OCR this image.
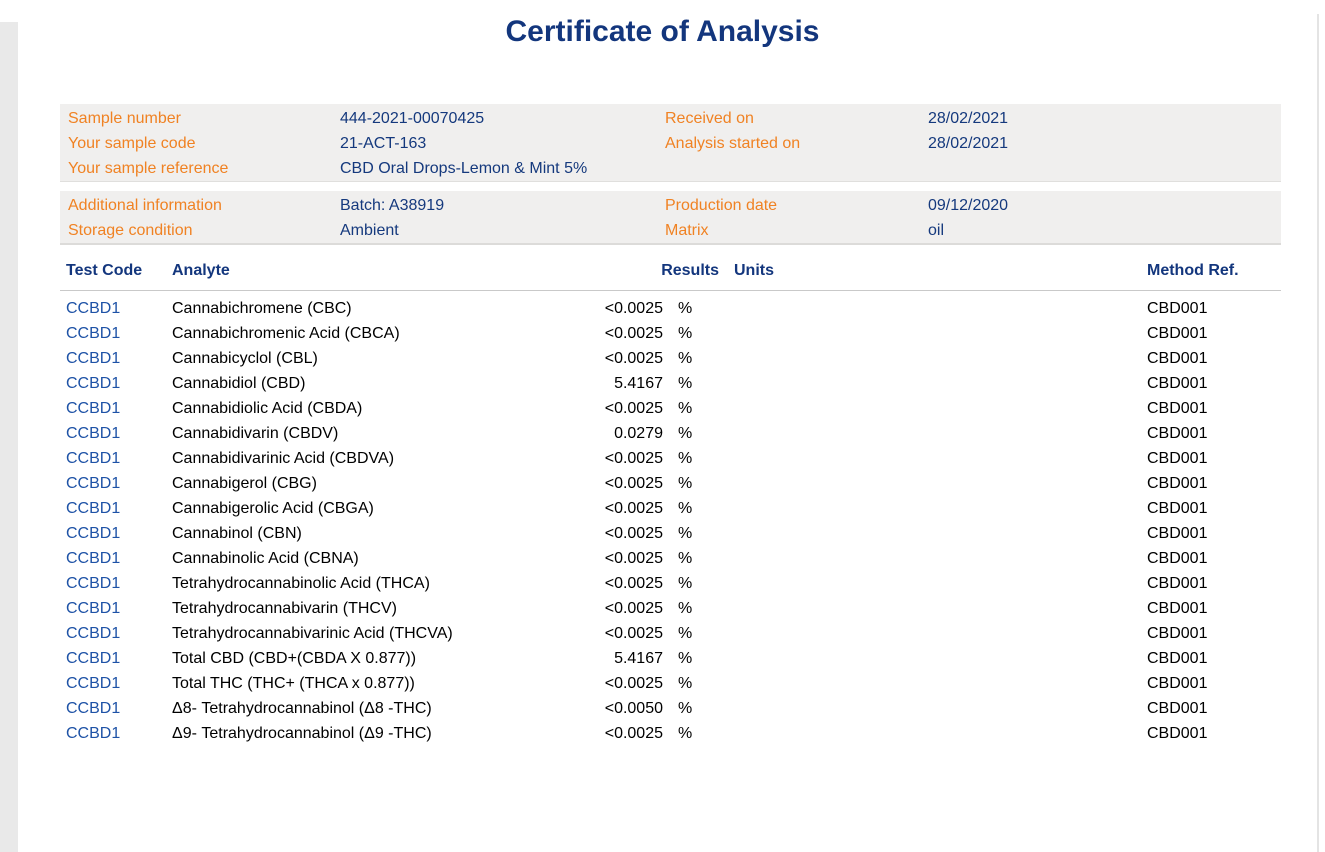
Certificate of Analysis
Sample number	444-2021-00070425	Received on	28/02/2021
Your sample code	21-ACT-163	Analysis started on	28/02/2021
Your sample reference	CBD Oral Drops-Lemon & Mint 5%
Additional information	Batch: A38919	Production date	09/12/2020
Storage condition	Ambient	Matrix	oil
Test Code	Analyte	Results Units	Method Ref.
CCBD1	Cannabichromene (CBC)	<0.0025 %	CBD001
CCBD1	Cannabichromenic Acid (CBCA)	<0.0025 %	CBD001
CCBD1	Cannabicyclol (CBL)	<0.0025 %	CBD001
CCBD1	Cannabidiol (CBD)	5.4167 %	CBD001
CCBD1	Cannabidiolic Acid (CBDA)	<0.0025 %	CBD001
CCBD1	Cannabidivarin (CBDV)	0.0279 %	CBD001
CCBD1	Cannabidivarinic Acid (CBDVA)	<0.0025 %	CBD001
CCBD1	Cannabigerol (CBG)	<0.0025 %	CBD001
CCBD1	Cannabigerolic Acid (CBGA)	<0.0025 %	CBD001
CCBD1	Cannabinol (CBN)	<0.0025 %	CBD001
CCBD1	Cannabinolic Acid (CBNA)	<0.0025 %	CBD001
CCBD1	Tetrahydrocannabinolic Acid (THCA)	<0.0025 %	CBD001
CCBD1	Tetrahydrocannabivarin (THCV)	<0.0025 %	CBD001
CCBD1	Tetrahydrocannabivarinic Acid (THCVA)	<0.0025 %	CBD001
CCBD1	Total CBD (CBD+(CBDA X 0.877))	5.4167 %	CBD001
CCBD1	Total THC (THC+ (THCA x 0.877))	<0.0025 %	CBD001
CCBD1	Δ8- Tetrahydrocannabinol (Δ8 -THC)	<0.0050 %	CBD001
CCBD1	Δ9- Tetrahydrocannabinol (Δ9 -THC)	<0.0025 %	CBD001
